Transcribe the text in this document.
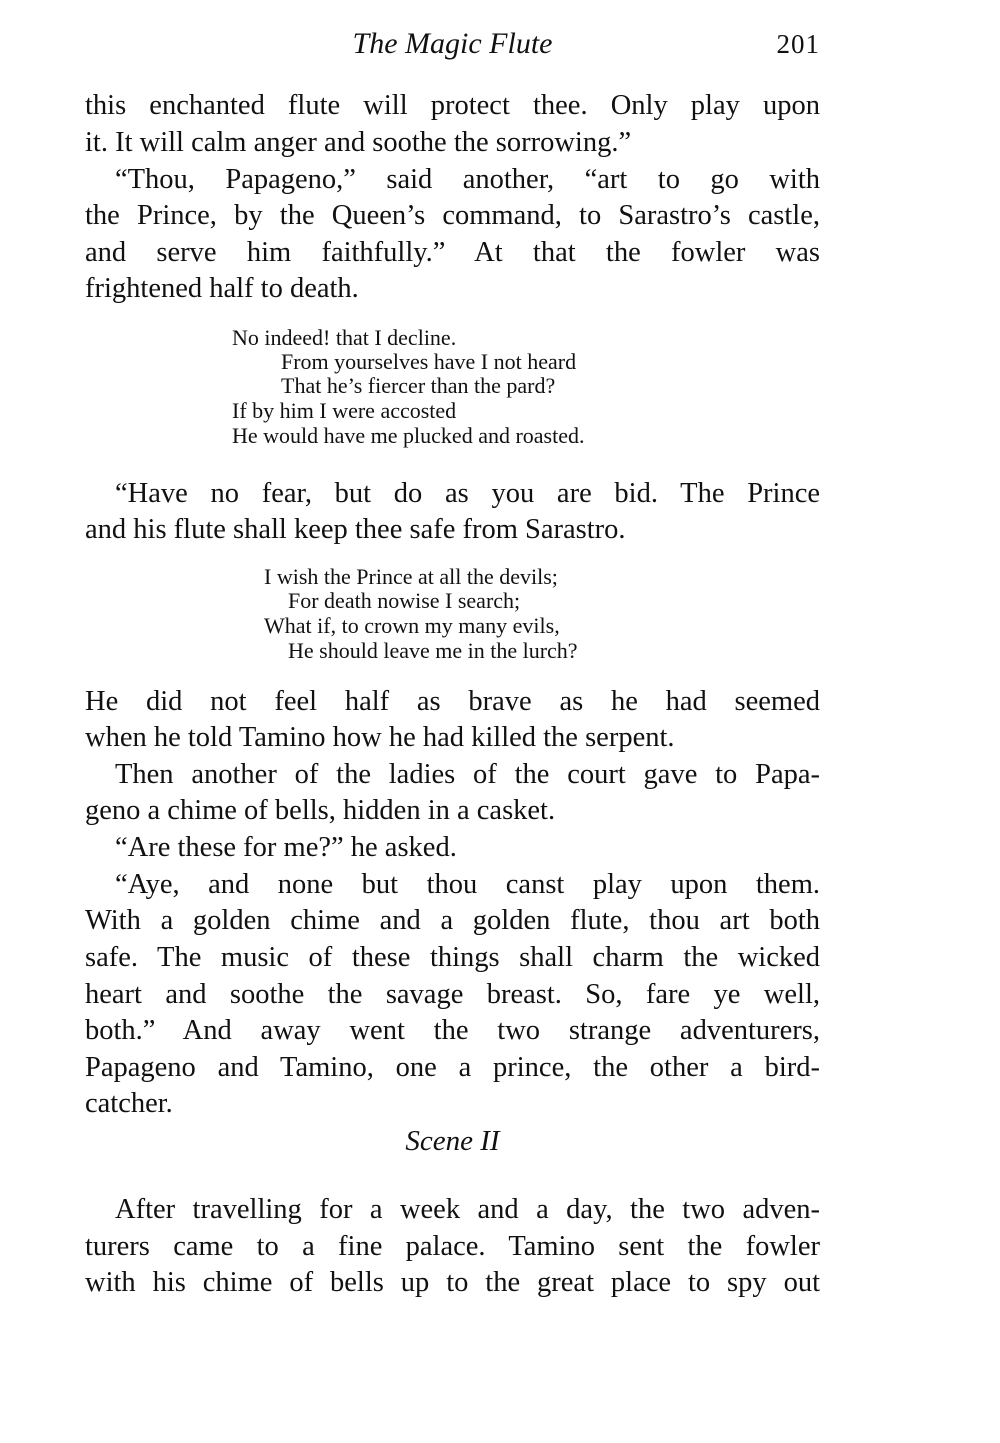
The Magic Flute	201
this enchanted flute will protect thee. Only play upon
it. It will calm anger and soothe the sorrowing.”
“Thou, Papageno,” said another, “art to go with
the Prince, by the Queen’s command, to Sarastro’s castle,
and serve him faithfully.” At that the fowler was
frightened half to death.
No indeed! that I decline.
From yourselves have I not heard
That he’s fiercer than the pard?
If by him I were accosted
He would have me plucked and roasted.
“Have no fear, but do as you are bid. The Prince
and his flute shall keep thee safe from Sarastro.
I wish the Prince at all the devils;
For death nowise I search;
What if, to crown my many evils,
He should leave me in the lurch?
He did not feel half as brave as he had seemed
when he told Tamino how he had killed the serpent.
Then another of the ladies of the court gave to Papa-
geno a chime of bells, hidden in a casket.
“Are these for me?” he asked.
“Aye, and none but thou canst play upon them.
With a golden chime and a golden flute, thou art both
safe. The music of these things shall charm the wicked
heart and soothe the savage breast. So, fare ye well,
both.” And away went the two strange adventurers,
Papageno and Tamino, one a prince, the other a bird-
catcher.
Scene II
After travelling for a week and a day, the two adven-
turers came to a fine palace. Tamino sent the fowler
with his chime of bells up to the great place to spy out
